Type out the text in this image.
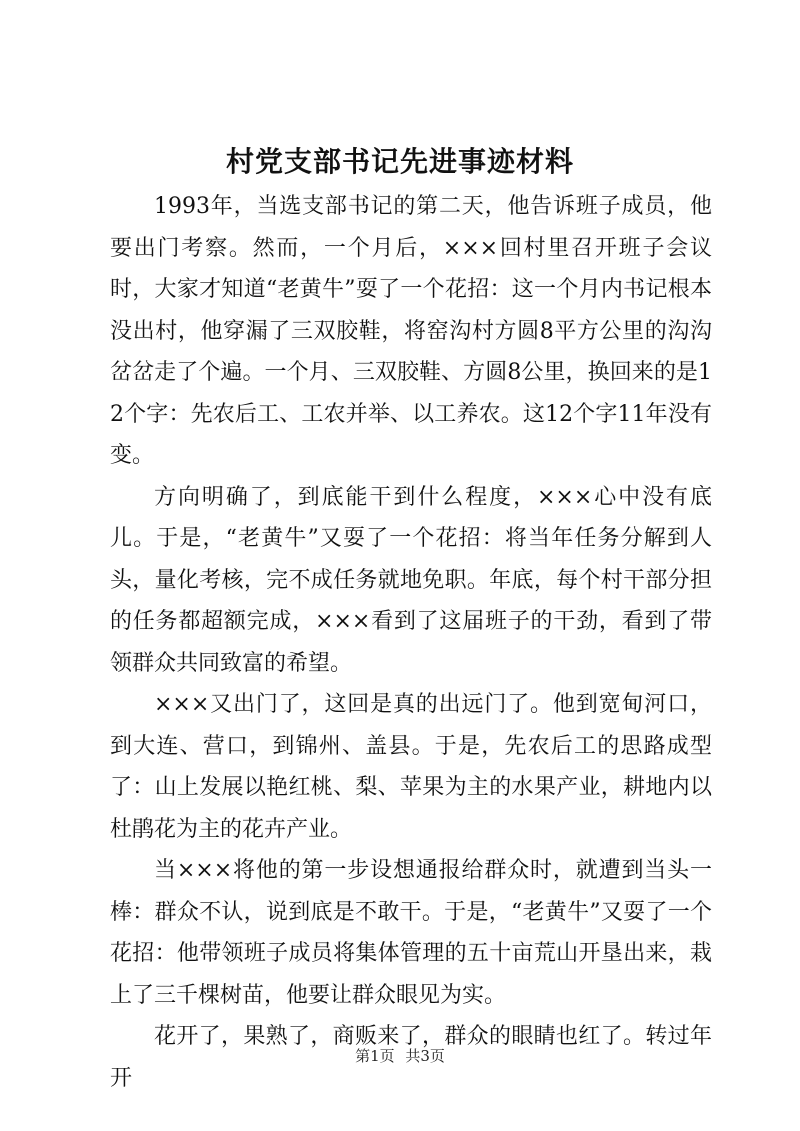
村党支部书记先进事迹材料

1993年，当选支部书记的第二天，他告诉班子成员，他要出门考察。然而，一个月后，×××回村里召开班子会议时，大家才知道“老黄牛”耍了一个花招：这一个月内书记根本没出村，他穿漏了三双胶鞋，将窑沟村方圆8平方公里的沟沟岔岔走了个遍。一个月、三双胶鞋、方圆8公里，换回来的是12个字：先农后工、工农并举、以工养农。这12个字11年没有变。

方向明确了，到底能干到什么程度，×××心中没有底儿。于是，“老黄牛”又耍了一个花招：将当年任务分解到人头，量化考核，完不成任务就地免职。年底，每个村干部分担的任务都超额完成，×××看到了这届班子的干劲，看到了带领群众共同致富的希望。

×××又出门了，这回是真的出远门了。他到宽甸河口，到大连、营口，到锦州、盖县。于是，先农后工的思路成型了：山上发展以艳红桃、梨、苹果为主的水果产业，耕地内以杜鹃花为主的花卉产业。

当×××将他的第一步设想通报给群众时，就遭到当头一棒：群众不认，说到底是不敢干。于是，“老黄牛”又耍了一个花招：他带领班子成员将集体管理的五十亩荒山开垦出来，栽上了三千棵树苗，他要让群众眼见为实。

花开了，果熟了，商贩来了，群众的眼睛也红了。转过年开

第1页 共3页
